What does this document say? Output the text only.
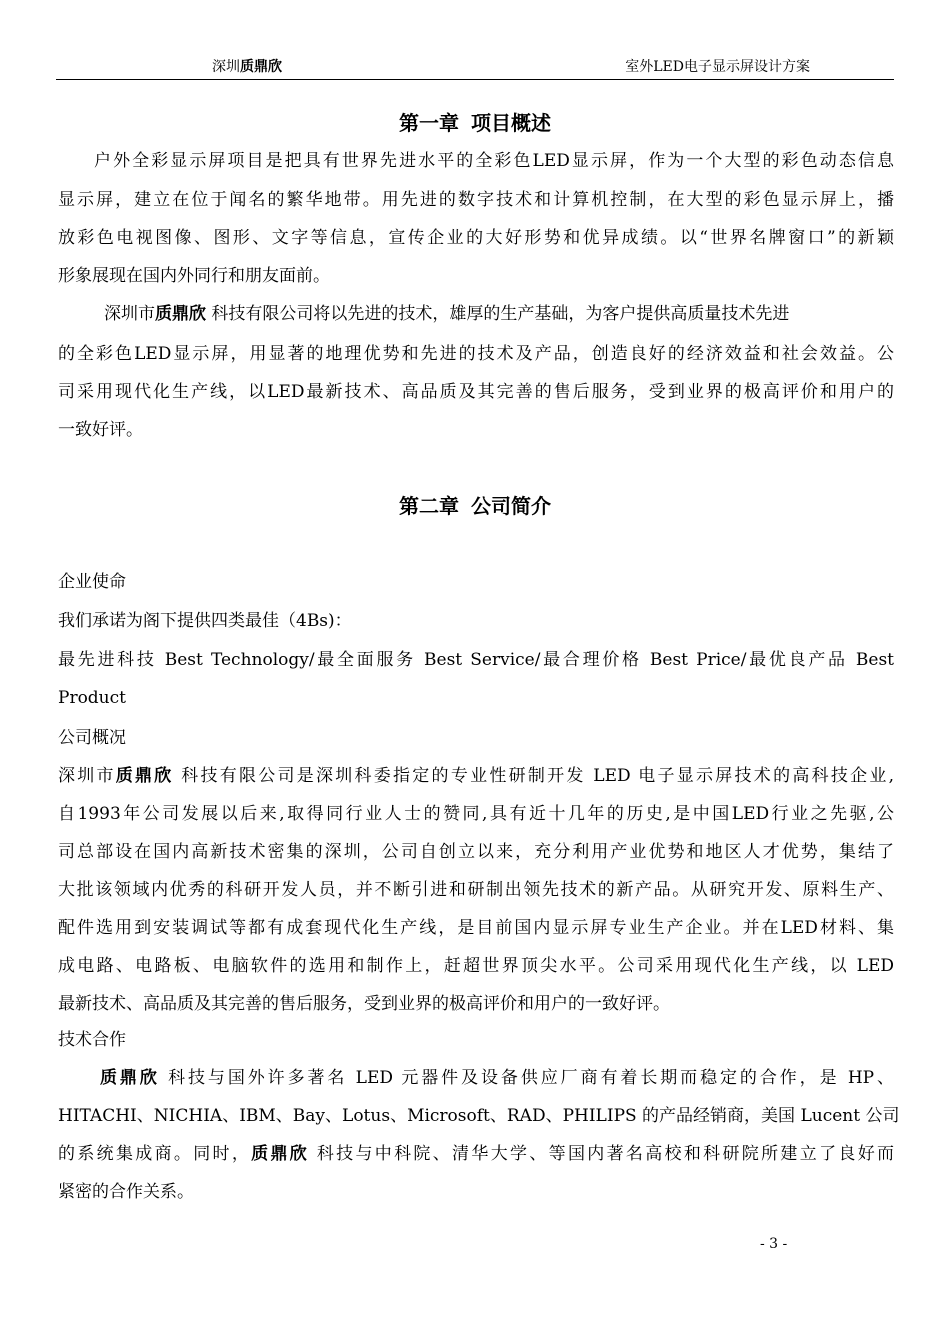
深圳质鼎欣	室外LED电子显示屏设计方案
第一章 项目概述
户外全彩显示屏项目是把具有世界先进水平的全彩色LED显示屏，作为一个大型的彩色动态信息
显示屏，建立在位于闻名的繁华地带。用先进的数字技术和计算机控制，在大型的彩色显示屏上，播
放彩色电视图像、图形、文字等信息，宣传企业的大好形势和优异成绩。以“世界名牌窗口”的新颖
形象展现在国内外同行和朋友面前。
深圳市质鼎欣 科技有限公司将以先进的技术，雄厚的生产基础，为客户提供高质量技术先进
的全彩色LED显示屏，用显著的地理优势和先进的技术及产品，创造良好的经济效益和社会效益。公
司采用现代化生产线，以LED最新技术、高品质及其完善的售后服务，受到业界的极高评价和用户的
一致好评。
第二章 公司简介
企业使命
我们承诺为阁下提供四类最佳（4Bs)：
最先进科技 Best Technology/最全面服务 Best Service/最合理价格 Best Price/最优良产品 Best
Product
公司概况
深圳市质鼎欣 科技有限公司是深圳科委指定的专业性研制开发 LED 电子显示屏技术的高科技企业,
自1993年公司发展以后来,取得同行业人士的赞同,具有近十几年的历史,是中国LED行业之先驱,公
司总部设在国内高新技术密集的深圳，公司自创立以来，充分利用产业优势和地区人才优势，集结了
大批该领域内优秀的科研开发人员，并不断引进和研制出领先技术的新产品。从研究开发、原料生产、
配件选用到安装调试等都有成套现代化生产线，是目前国内显示屏专业生产企业。并在LED材料、集
成电路、电路板、电脑软件的选用和制作上，赶超世界顶尖水平。公司采用现代化生产线，以 LED
最新技术、高品质及其完善的售后服务，受到业界的极高评价和用户的一致好评。
技术合作
质鼎欣 科技与国外许多著名 LED 元器件及设备供应厂商有着长期而稳定的合作，是 HP、
HITACHI、NICHIA、IBM、Bay、Lotus、Microsoft、RAD、PHILIPS 的产品经销商，美国 Lucent 公司
的系统集成商。同时，质鼎欣 科技与中科院、清华大学、等国内著名高校和科研院所建立了良好而
紧密的合作关系。
- 3 -
